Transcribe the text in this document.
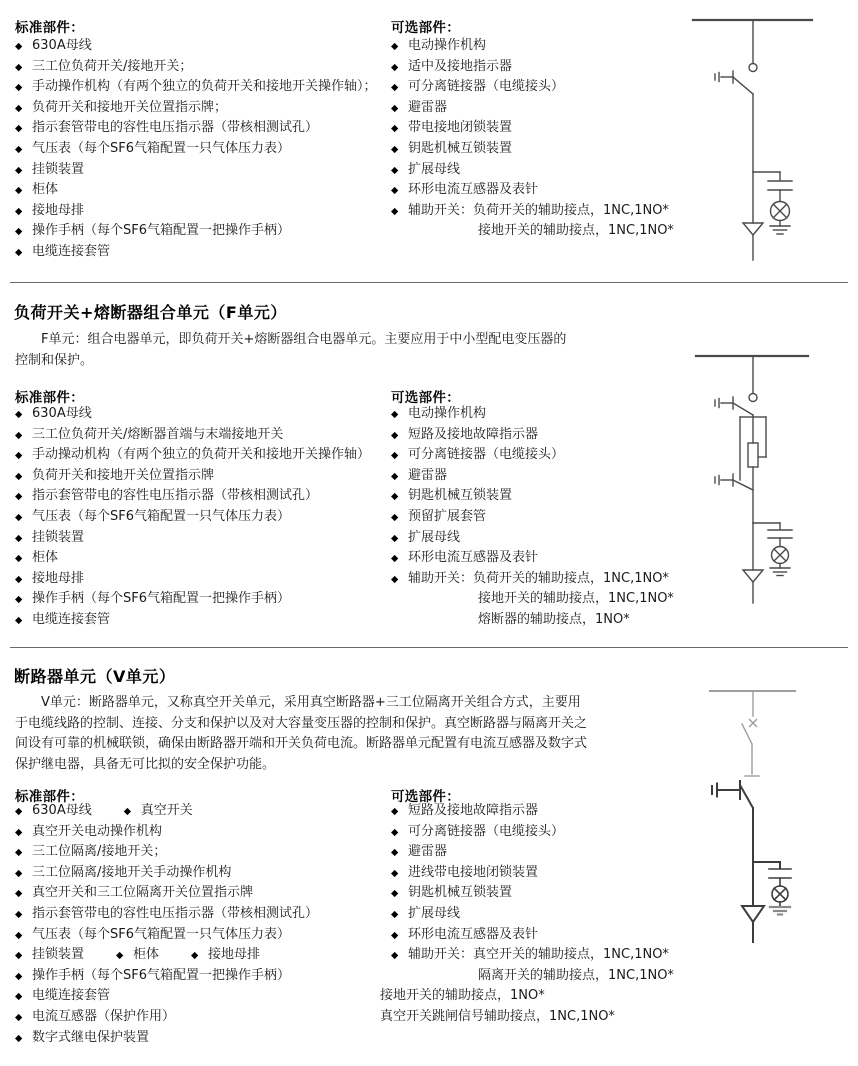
标准部件：
◆ 630A母线
◆ 三工位负荷开关/接地开关；
◆ 手动操作机构（有两个独立的负荷开关和接地开关操作轴）；
◆ 负荷开关和接地开关位置指示牌；
◆ 指示套管带电的容性电压指示器（带核相测试孔）
◆ 气压表（每个SF6气箱配置一只气体压力表）
◆ 挂锁装置
◆ 柜体
◆ 接地母排
◆ 操作手柄（每个SF6气箱配置一把操作手柄）
◆ 电缆连接套管
可选部件：
◆ 电动操作机构
◆ 适中及接地指示器
◆ 可分离链接器（电缆接头）
◆ 避雷器
◆ 带电接地闭锁装置
◆ 钥匙机械互锁装置
◆ 扩展母线
◆ 环形电流互感器及表针
◆ 辅助开关：负荷开关的辅助接点，1NC,1NO*
接地开关的辅助接点，1NC,1NO*
负荷开关+熔断器组合单元（F单元）

F单元：组合电器单元，即负荷开关+熔断器组合电器单元。主要应用于中小型配电变压器的控制和保护。

标准部件：
◆ 630A母线
◆ 三工位负荷开关/熔断器首端与末端接地开关
◆ 手动操动机构（有两个独立的负荷开关和接地开关操作轴）
◆ 负荷开关和接地开关位置指示牌
◆ 指示套管带电的容性电压指示器（带核相测试孔）
◆ 气压表（每个SF6气箱配置一只气体压力表）
◆ 挂锁装置
◆ 柜体
◆ 接地母排
◆ 操作手柄（每个SF6气箱配置一把操作手柄）
◆ 电缆连接套管
可选部件：
◆ 电动操作机构
◆ 短路及接地故障指示器
◆ 可分离链接器（电缆接头）
◆ 避雷器
◆ 钥匙机械互锁装置
◆ 预留扩展套管
◆ 扩展母线
◆ 环形电流互感器及表针
◆ 辅助开关：负荷开关的辅助接点，1NC,1NO*
接地开关的辅助接点，1NC,1NO*
熔断器的辅助接点，1NO*
断路器单元（V单元）

V单元：断路器单元，又称真空开关单元，采用真空断路器+三工位隔离开关组合方式，主要用于电缆线路的控制、连接、分支和保护以及对大容量变压器的控制和保护。真空断路器与隔离开关之间设有可靠的机械联锁，确保由断路器开端和开关负荷电流。断路器单元配置有电流互感器及数字式保护继电器，具备无可比拟的安全保护功能。

标准部件：
◆ 630A母线	◆ 真空开关
◆ 真空开关电动操作机构
◆ 三工位隔离/接地开关；
◆ 三工位隔离/接地开关手动操作机构
◆ 真空开关和三工位隔离开关位置指示牌
◆ 指示套管带电的容性电压指示器（带核相测试孔）
◆ 气压表（每个SF6气箱配置一只气体压力表）
◆ 挂锁装置	◆ 柜体	◆ 接地母排
◆ 操作手柄（每个SF6气箱配置一把操作手柄）
◆ 电缆连接套管
◆ 电流互感器（保护作用）
◆ 数字式继电保护装置
可选部件：
◆ 短路及接地故障指示器
◆ 可分离链接器（电缆接头）
◆ 避雷器
◆ 进线带电接地闭锁装置
◆ 钥匙机械互锁装置
◆ 扩展母线
◆ 环形电流互感器及表针
◆ 辅助开关：真空开关的辅助接点，1NC,1NO*
隔离开关的辅助接点，1NC,1NO*
接地开关的辅助接点，1NO*
真空开关跳闸信号辅助接点，1NC,1NO*
